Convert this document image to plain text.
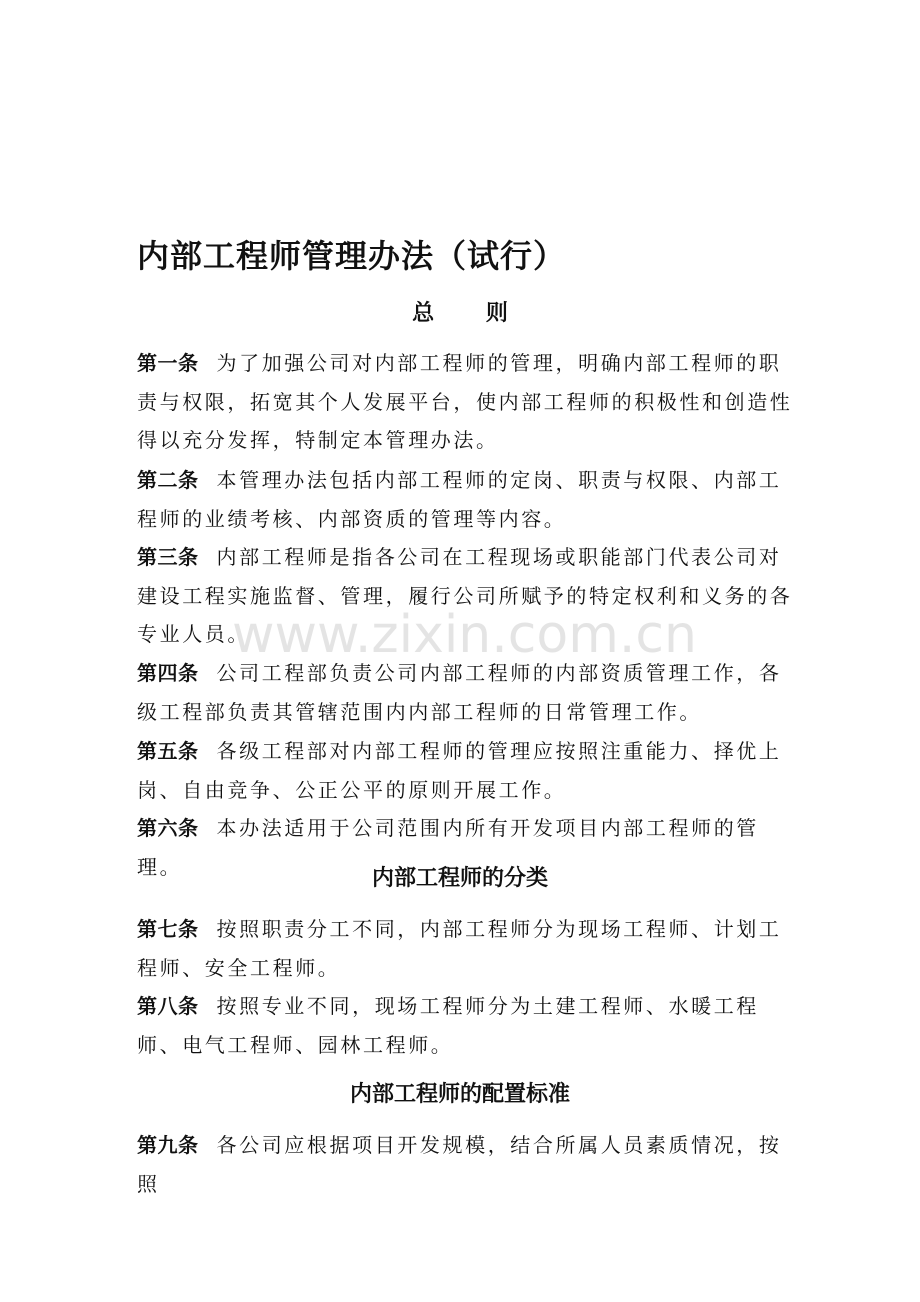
内部工程师管理办法（试行）
总 则

第一条 为了加强公司对内部工程师的管理，明确内部工程师的职责与权限，拓宽其个人发展平台，使内部工程师的积极性和创造性得以充分发挥，特制定本管理办法。

第二条 本管理办法包括内部工程师的定岗、职责与权限、内部工程师的业绩考核、内部资质的管理等内容。

第三条 内部工程师是指各公司在工程现场或职能部门代表公司对建设工程实施监督、管理，履行公司所赋予的特定权利和义务的各专业人员。

第四条 公司工程部负责公司内部工程师的内部资质管理工作，各级工程部负责其管辖范围内内部工程师的日常管理工作。

第五条 各级工程部对内部工程师的管理应按照注重能力、择优上岗、自由竞争、公正公平的原则开展工作。

第六条 本办法适用于公司范围内所有开发项目内部工程师的管理。	内部工程师的分类

第七条 按照职责分工不同，内部工程师分为现场工程师、计划工程师、安全工程师。

第八条 按照专业不同，现场工程师分为土建工程师、水暖工程师、电气工程师、园林工程师。

内部工程师的配置标准

第九条 各公司应根据项目开发规模，结合所属人员素质情况，按照

www.zixin.com.cn
